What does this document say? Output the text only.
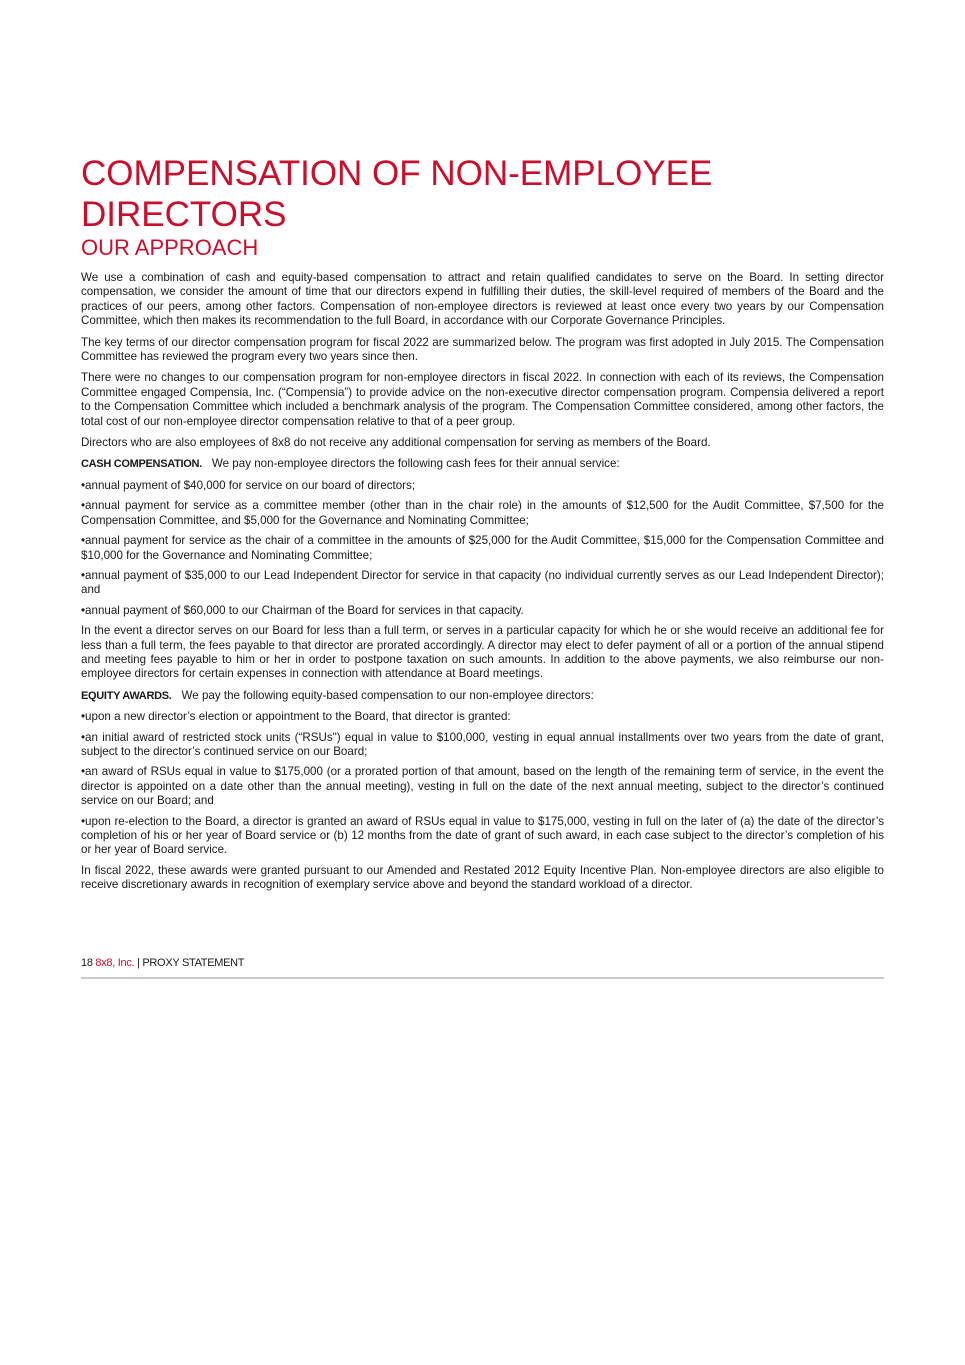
COMPENSATION OF NON-EMPLOYEE
DIRECTORS
OUR APPROACH

We use a combination of cash and equity-based compensation to attract and retain qualified candidates to serve on the Board. In setting director compensation, we consider the amount of time that our directors expend in fulfilling their duties, the skill-level required of members of the Board and the practices of our peers, among other factors. Compensation of non-employee directors is reviewed at least once every two years by our Compensation Committee, which then makes its recommendation to the full Board, in accordance with our Corporate Governance Principles.

The key terms of our director compensation program for fiscal 2022 are summarized below. The program was first adopted in July 2015. The Compensation Committee has reviewed the program every two years since then.

There were no changes to our compensation program for non-employee directors in fiscal 2022. In connection with each of its reviews, the Compensation Committee engaged Compensia, Inc. (“Compensia”) to provide advice on the non-executive director compensation program. Compensia delivered a report to the Compensation Committee which included a benchmark analysis of the program. The Compensation Committee considered, among other factors, the total cost of our non-employee director compensation relative to that of a peer group.

Directors who are also employees of 8x8 do not receive any additional compensation for serving as members of the Board.

CASH COMPENSATION. We pay non-employee directors the following cash fees for their annual service:

•annual payment of $40,000 for service on our board of directors;

•annual payment for service as a committee member (other than in the chair role) in the amounts of $12,500 for the Audit Committee, $7,500 for the Compensation Committee, and $5,000 for the Governance and Nominating Committee;

•annual payment for service as the chair of a committee in the amounts of $25,000 for the Audit Committee, $15,000 for the Compensation Committee and $10,000 for the Governance and Nominating Committee;

•annual payment of $35,000 to our Lead Independent Director for service in that capacity (no individual currently serves as our Lead Independent Director); and

•annual payment of $60,000 to our Chairman of the Board for services in that capacity.

In the event a director serves on our Board for less than a full term, or serves in a particular capacity for which he or she would receive an additional fee for less than a full term, the fees payable to that director are prorated accordingly. A director may elect to defer payment of all or a portion of the annual stipend and meeting fees payable to him or her in order to postpone taxation on such amounts. In addition to the above payments, we also reimburse our non-employee directors for certain expenses in connection with attendance at Board meetings.

EQUITY AWARDS. We pay the following equity-based compensation to our non-employee directors:

•upon a new director’s election or appointment to the Board, that director is granted:

•an initial award of restricted stock units (“RSUs") equal in value to $100,000, vesting in equal annual installments over two years from the date of grant, subject to the director’s continued service on our Board;

•an award of RSUs equal in value to $175,000 (or a prorated portion of that amount, based on the length of the remaining term of service, in the event the director is appointed on a date other than the annual meeting), vesting in full on the date of the next annual meeting, subject to the director’s continued service on our Board; and

•upon re-election to the Board, a director is granted an award of RSUs equal in value to $175,000, vesting in full on the later of (a) the date of the director’s completion of his or her year of Board service or (b) 12 months from the date of grant of such award, in each case subject to the director’s completion of his or her year of Board service.

In fiscal 2022, these awards were granted pursuant to our Amended and Restated 2012 Equity Incentive Plan. Non-employee directors are also eligible to receive discretionary awards in recognition of exemplary service above and beyond the standard workload of a director.

18 8x8, Inc. | PROXY STATEMENT
